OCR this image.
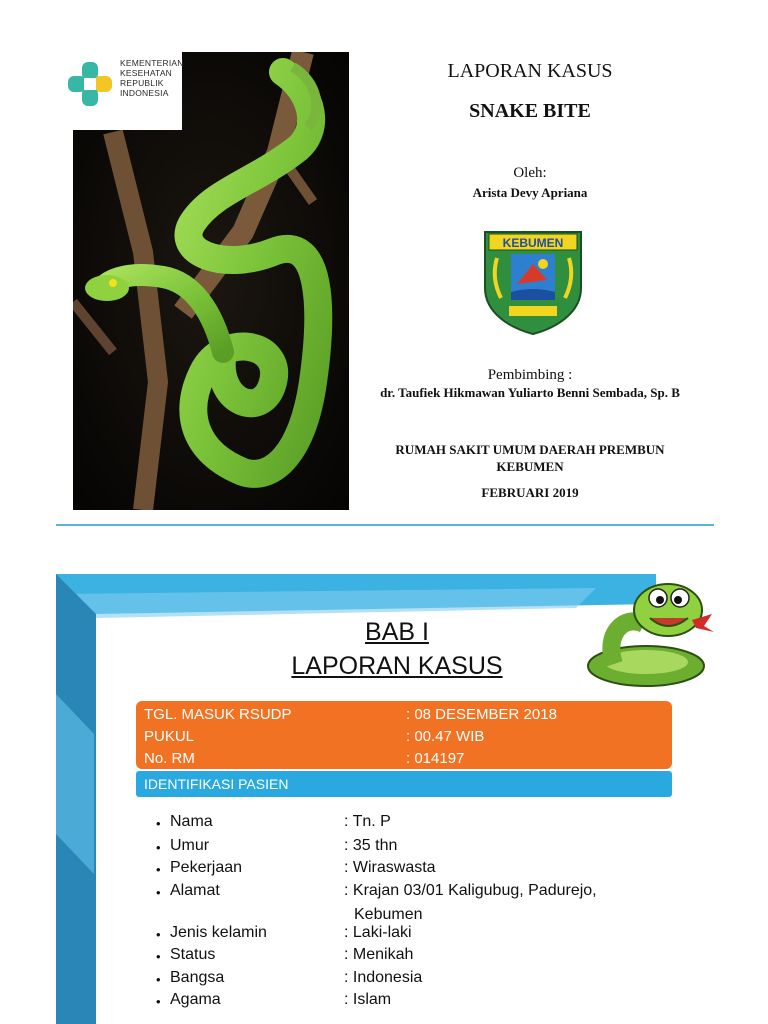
KEMENTERIAN
KESEHATAN
REPUBLIK
INDONESIA
LAPORAN KASUS
SNAKE BITE
Oleh:
Arista Devy Apriana
KEBUMEN
Pembimbing :
dr. Taufiek Hikmawan Yuliarto Benni Sembada, Sp. B
RUMAH SAKIT UMUM DAERAH PREMBUN
KEBUMEN
FEBRUARI 2019
BAB I
LAPORAN KASUS
TGL. MASUK RSUDP	: 08 DESEMBER 2018
PUKUL	: 00.47 WIB
No. RM	: 014197
IDENTIFIKASI PASIEN
• Nama	: Tn. P
• Umur	: 35 thn
• Pekerjaan	: Wiraswasta
• Alamat	: Krajan 03/01 Kaligubug, Padurejo,
Kebumen
• Jenis kelamin	: Laki-laki
• Status	: Menikah
• Bangsa	: Indonesia
• Agama	: Islam
